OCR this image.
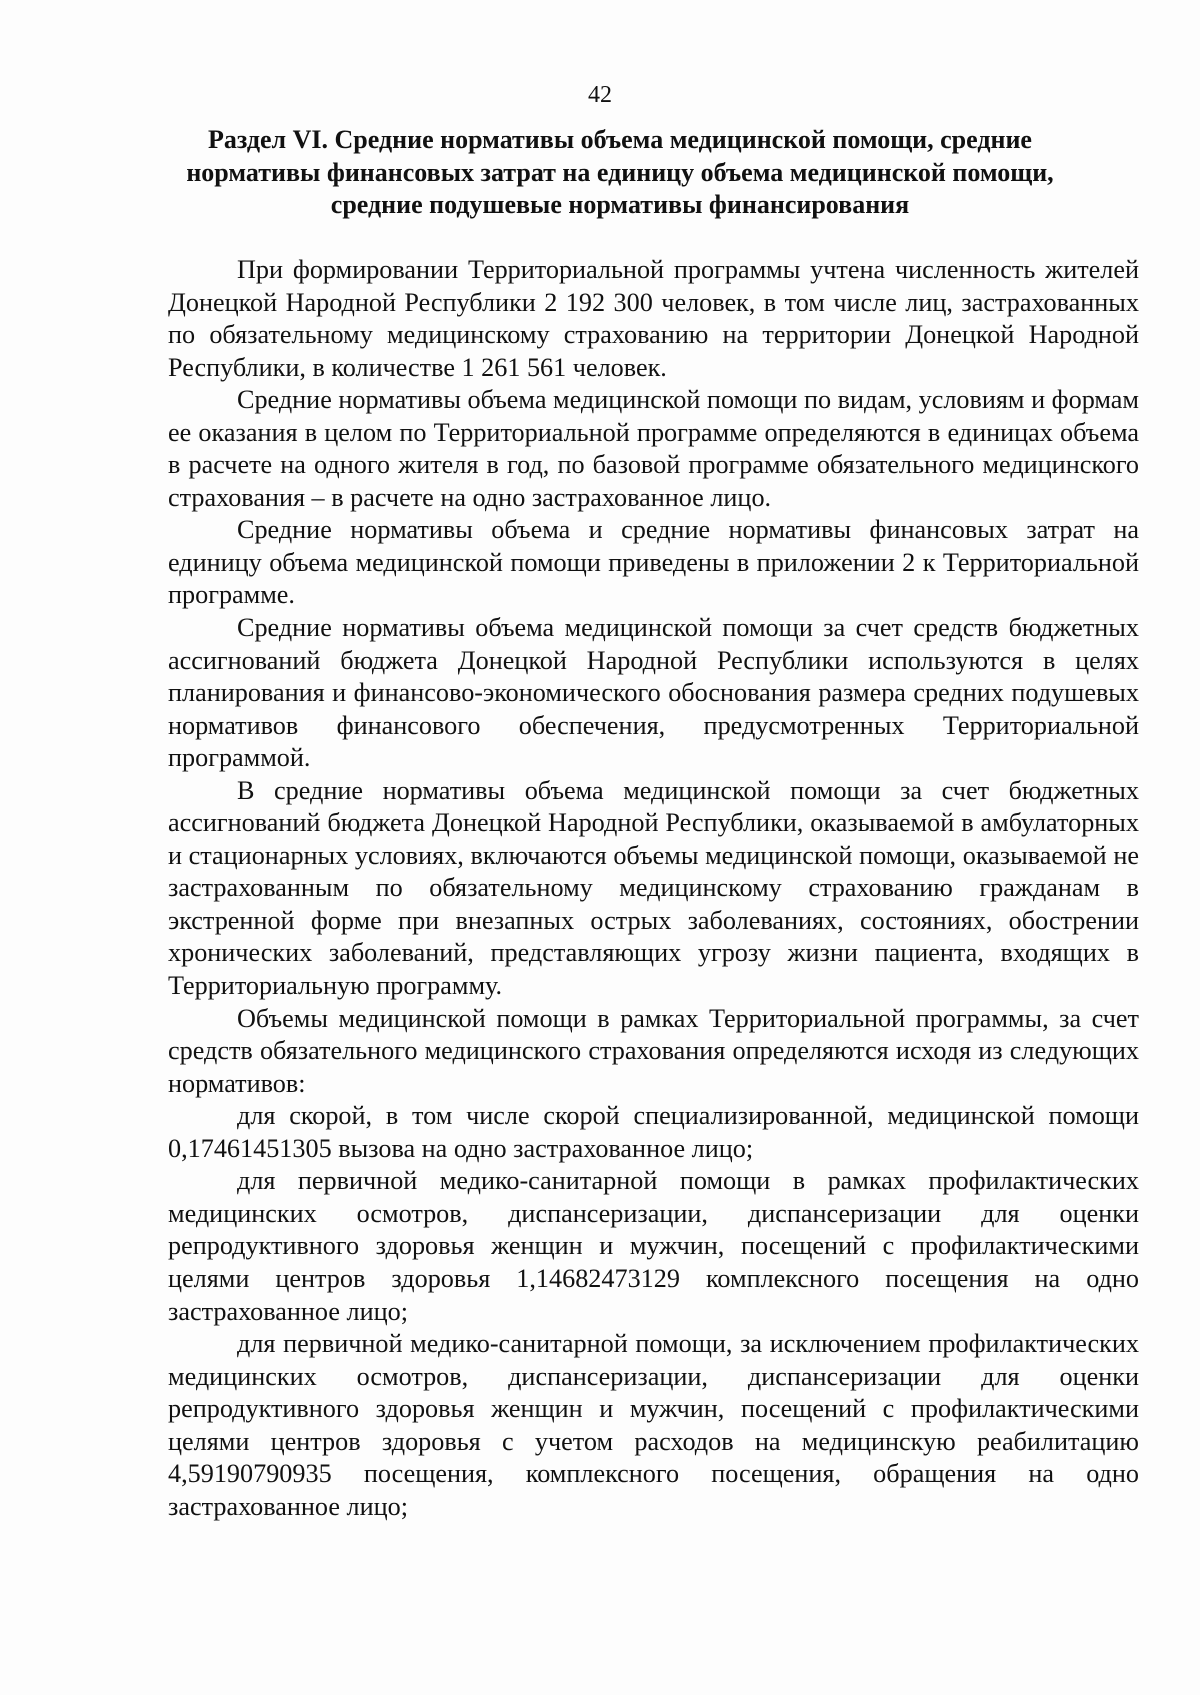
42
Раздел VI. Средние нормативы объема медицинской помощи, средние нормативы финансовых затрат на единицу объема медицинской помощи, средние подушевые нормативы финансирования

При формировании Территориальной программы учтена численность жителей Донецкой Народной Республики 2 192 300 человек, в том числе лиц, застрахованных по обязательному медицинскому страхованию на территории Донецкой Народной Республики, в количестве 1 261 561 человек.

Средние нормативы объема медицинской помощи по видам, условиям и формам ее оказания в целом по Территориальной программе определяются в единицах объема в расчете на одного жителя в год, по базовой программе обязательного медицинского страхования – в расчете на одно застрахованное лицо.

Средние нормативы объема и средние нормативы финансовых затрат на единицу объема медицинской помощи приведены в приложении 2 к Территориальной программе.

Средние нормативы объема медицинской помощи за счет средств бюджетных ассигнований бюджета Донецкой Народной Республики используются в целях планирования и финансово-экономического обоснования размера средних подушевых нормативов финансового обеспечения, предусмотренных Территориальной программой.

В средние нормативы объема медицинской помощи за счет бюджетных ассигнований бюджета Донецкой Народной Республики, оказываемой в амбулаторных и стационарных условиях, включаются объемы медицинской помощи, оказываемой не застрахованным по обязательному медицинскому страхованию гражданам в экстренной форме при внезапных острых заболеваниях, состояниях, обострении хронических заболеваний, представляющих угрозу жизни пациента, входящих в Территориальную программу.

Объемы медицинской помощи в рамках Территориальной программы, за счет средств обязательного медицинского страхования определяются исходя из следующих нормативов:

для скорой, в том числе скорой специализированной, медицинской помощи 0,17461451305 вызова на одно застрахованное лицо;

для первичной медико-санитарной помощи в рамках профилактических медицинских осмотров, диспансеризации, диспансеризации для оценки репродуктивного здоровья женщин и мужчин, посещений с профилактическими целями центров здоровья 1,14682473129 комплексного посещения на одно застрахованное лицо;

для первичной медико-санитарной помощи, за исключением профилактических медицинских осмотров, диспансеризации, диспансеризации для оценки репродуктивного здоровья женщин и мужчин, посещений с профилактическими целями центров здоровья с учетом расходов на медицинскую реабилитацию 4,59190790935 посещения, комплексного посещения, обращения на одно застрахованное лицо;
